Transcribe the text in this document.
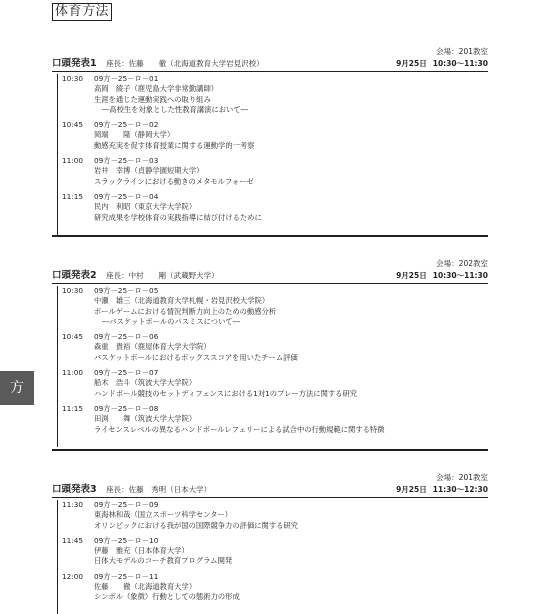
体育方法
方
会場：201教室
口頭発表1 座長：佐藤　　徹（北海道教育大学岩見沢校）	9月25日 10:30〜11:30
10:30 09方－25－ロ－01
高岡　綾子（鹿児島大学非常勤講師）
生涯を通じた運動実践への取り組み
―高校生を対象とした性教育講演において―
10:45 09方－25－ロ－02
岡端　　隆（静岡大学）
動感充実を促す体育授業に関する運動学的一考察
11:00 09方－25－ロ－03
岩井　幸博（貞静学園短期大学）
スラックラインにおける動きのメタモルフォーゼ
11:15 09方－25－ロ－04
民内　利昭（東京大学大学院）
研究成果を学校体育の実践指導に結び付けるために
会場：202教室
口頭発表2 座長：中村　　剛（武蔵野大学）	9月25日 10:30〜11:30
10:30 09方－25－ロ－05
中瀬　雄三（北海道教育大学札幌・岩見沢校大学院）
ボールゲームにおける情況判断力向上のための動感分析
―バスケットボールのパスミスについて―
10:45 09方－25－ロ－06
森重　貴裕（鹿屋体育大学大学院）
バスケットボールにおけるボックススコアを用いたチーム評価
11:00 09方－25－ロ－07
船木　浩斗（筑波大学大学院）
ハンドボール競技のセットディフェンスにおける1対1のプレー方法に関する研究
11:15 09方－25－ロ－08
田渕　　舞（筑波大学大学院）
ライセンスレベルの異なるハンドボールレフェリーによる試合中の行動規範に関する特徴
会場：201教室
口頭発表3 座長：佐藤　秀明（日本大学）	9月25日 11:30〜12:30
11:30 09方－25－ロ－09
東海林和哉（国立スポーツ科学センター）
オリンピックにおける我が国の国際競争力の評価に関する研究
11:45 09方－25－ロ－10
伊藤　雅充（日本体育大学）
日体大モデルのコーチ教育プログラム開発
12:00 09方－25－ロ－11
佐藤　　徹（北海道教育大学）
シンボル（象徴）行動としての態術力の形成
